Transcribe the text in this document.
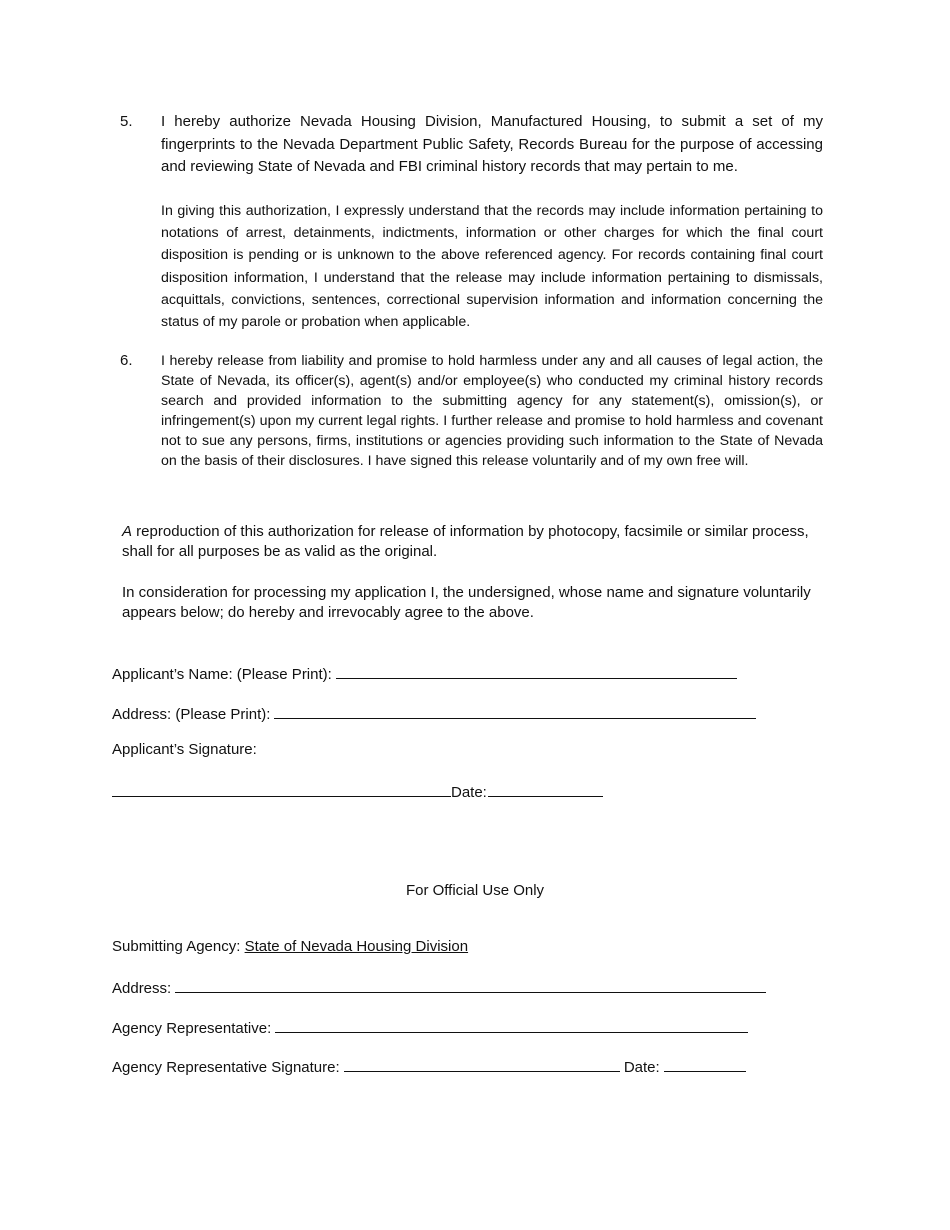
5. I hereby authorize Nevada Housing Division, Manufactured Housing, to submit a set of my fingerprints to the Nevada Department Public Safety, Records Bureau for the purpose of accessing and reviewing State of Nevada and FBI criminal history records that may pertain to me.
In giving this authorization, I expressly understand that the records may include information pertaining to notations of arrest, detainments, indictments, information or other charges for which the final court disposition is pending or is unknown to the above referenced agency. For records containing final court disposition information, I understand that the release may include information pertaining to dismissals, acquittals, convictions, sentences, correctional supervision information and information concerning the status of my parole or probation when applicable.
6. I hereby release from liability and promise to hold harmless under any and all causes of legal action, the State of Nevada, its officer(s), agent(s) and/or employee(s) who conducted my criminal history records search and provided information to the submitting agency for any statement(s), omission(s), or infringement(s) upon my current legal rights. I further release and promise to hold harmless and covenant not to sue any persons, firms, institutions or agencies providing such information to the State of Nevada on the basis of their disclosures. I have signed this release voluntarily and of my own free will.
A reproduction of this authorization for release of information by photocopy, facsimile or similar process, shall for all purposes be as valid as the original.
In consideration for processing my application I, the undersigned, whose name and signature voluntarily appears below; do hereby and irrevocably agree to the above.
Applicant’s Name: (Please Print):
Address: (Please Print):
Applicant’s Signature:
Date:
For Official Use Only
Submitting Agency: State of Nevada Housing Division
Address:
Agency Representative:
Agency Representative Signature:	Date:
